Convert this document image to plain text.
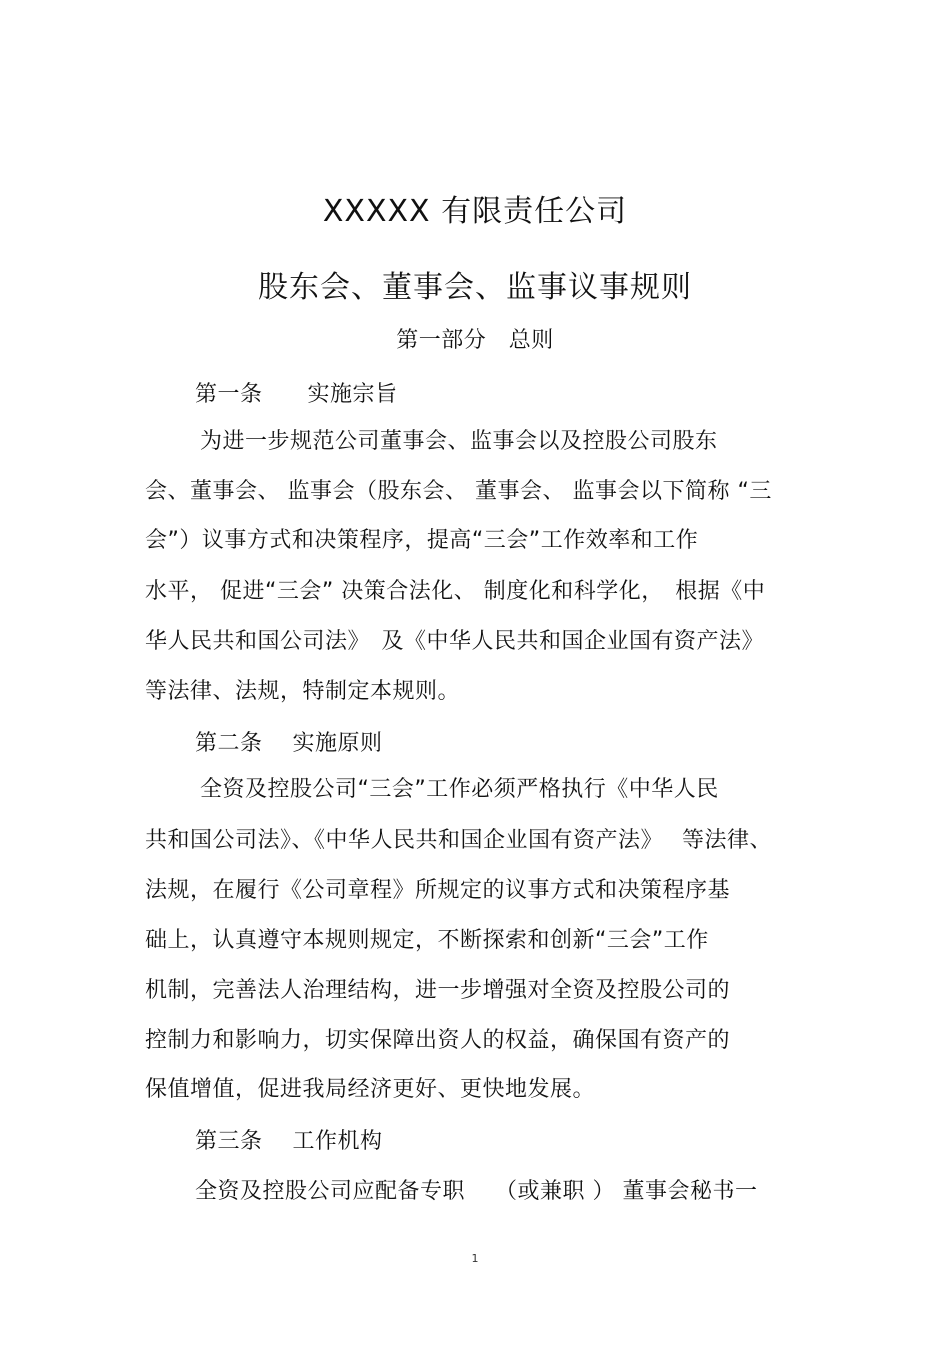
XXXXX 有限责任公司
股东会、董事会、监事议事规则
第一部分　总则
第一条　　实施宗旨
为进一步规范公司董事会、监事会以及控股公司股东
会、董事会、 监事会（股东会、 董事会、 监事会以下简称 “三
会”）议事方式和决策程序，提高“三会”工作效率和工作
水平， 促进“三会” 决策合法化、 制度化和科学化，　根据《中
华人民共和国公司法》　及《中华人民共和国企业国有资产法》
等法律、法规，特制定本规则。
第二条　 实施原则
全资及控股公司“三会”工作必须严格执行《中华人民
共和国公司法》、《中华人民共和国企业国有资产法》　 等法律、
法规，在履行《公司章程》所规定的议事方式和决策程序基
础上，认真遵守本规则规定，不断探索和创新“三会”工作
机制，完善法人治理结构，进一步增强对全资及控股公司的
控制力和影响力，切实保障出资人的权益，确保国有资产的
保值增值，促进我局经济更好、更快地发展。
第三条　 工作机构
全资及控股公司应配备专职　 （或兼职 ） 董事会秘书一
1
